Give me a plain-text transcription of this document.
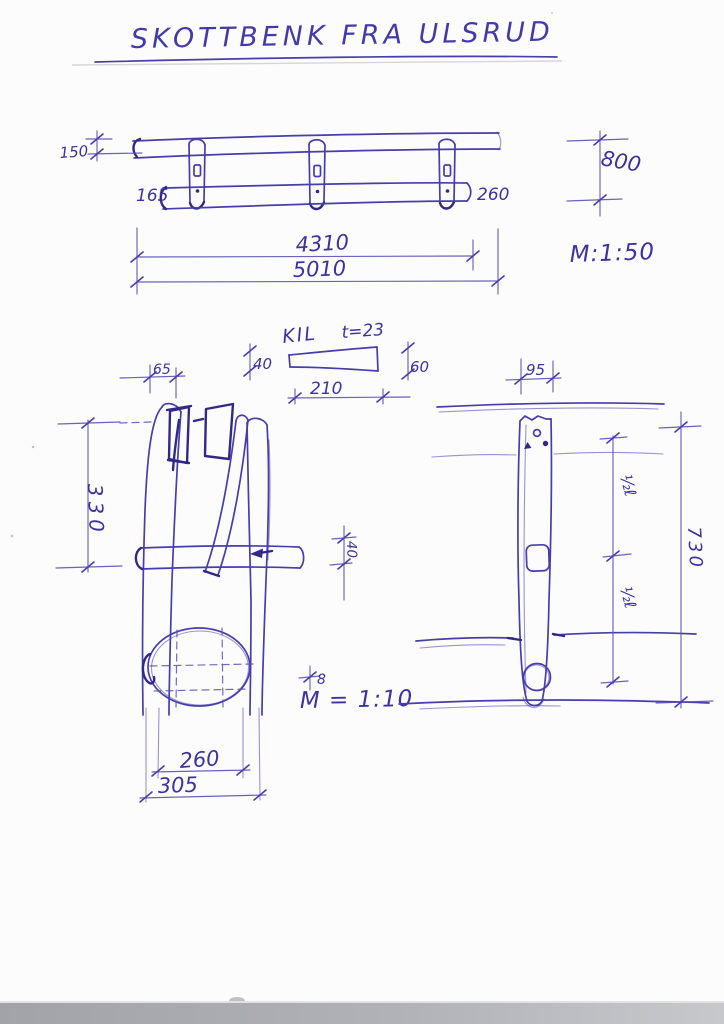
SKOTTBENK FRA ULSRUD
150
165	260
4310
5010
800
M:1:50
KIL t=23
40	60
210
65
330
40
8
M = 1:10
260
305
95
½ℓ
½ℓ
730
